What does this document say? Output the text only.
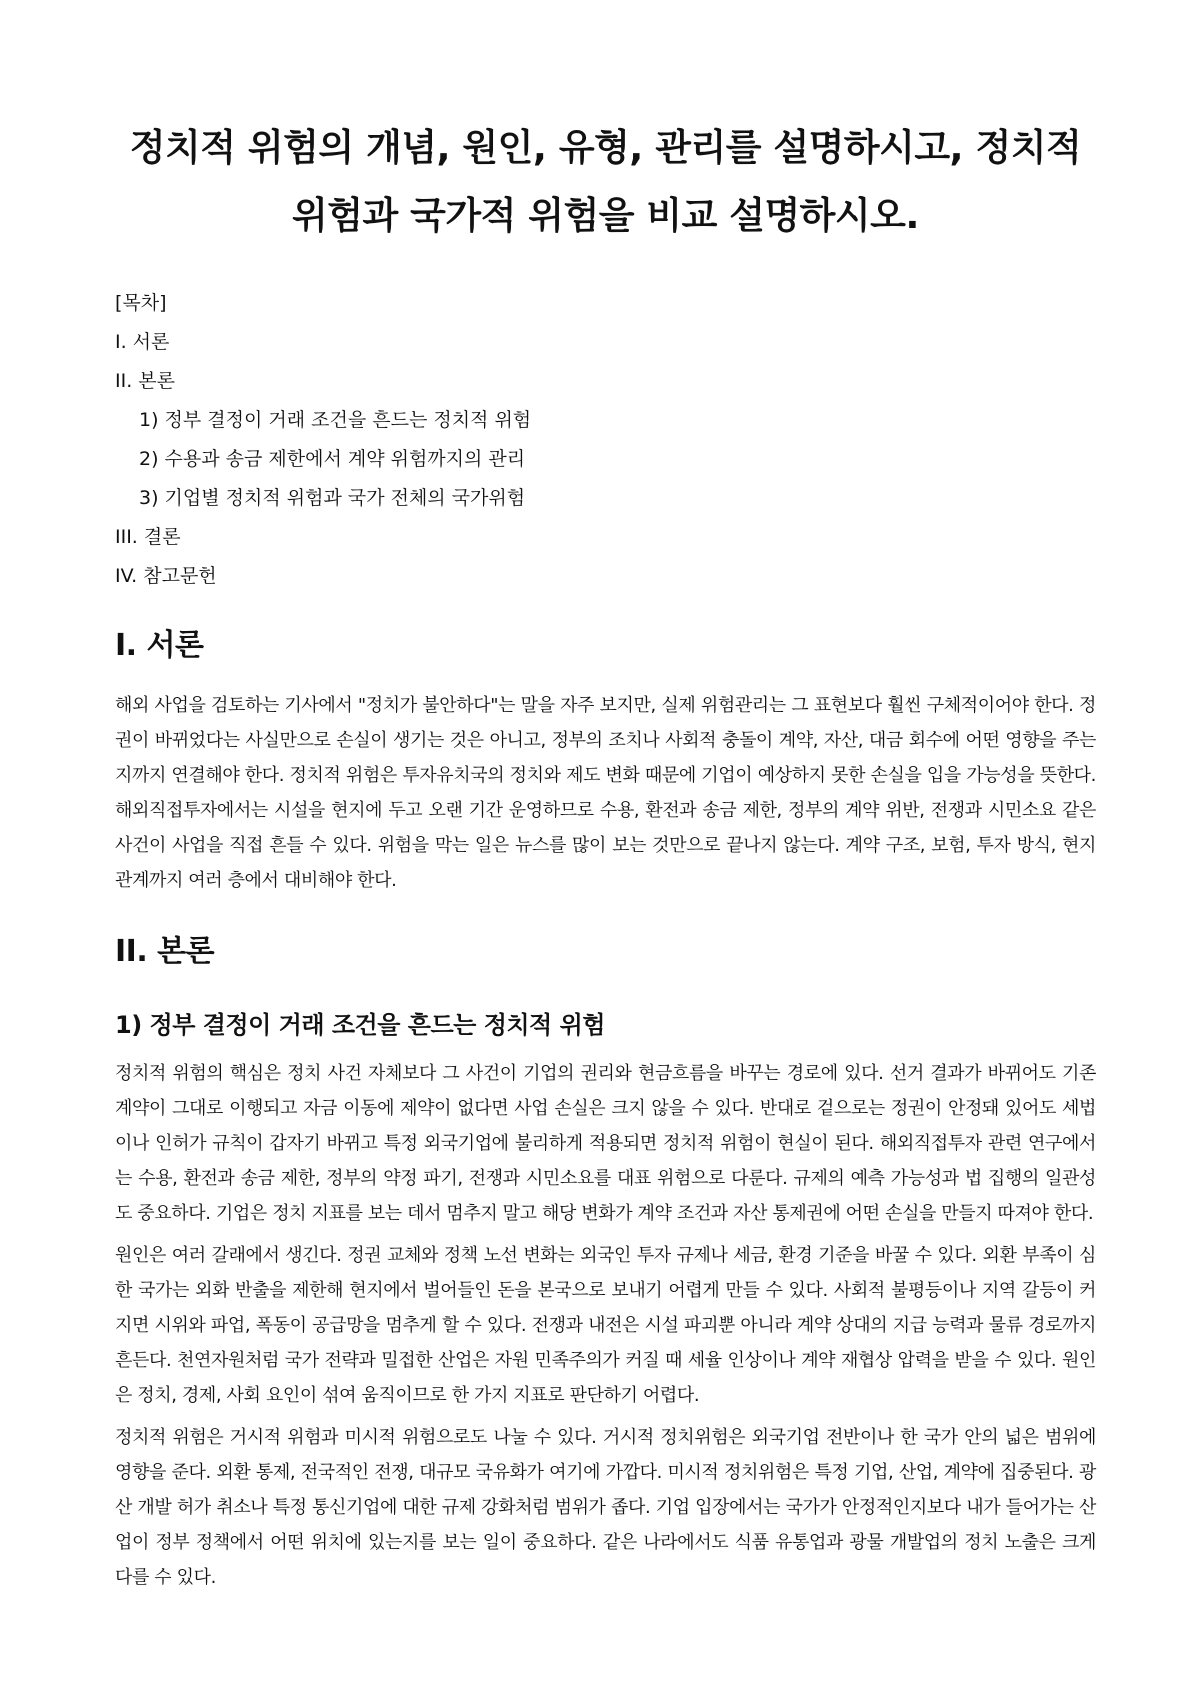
정치적 위험의 개념, 원인, 유형, 관리를 설명하시고, 정치적 위험과 국가적 위험을 비교 설명하시오.
[목차]
I. 서론
II. 본론
1) 정부 결정이 거래 조건을 흔드는 정치적 위험
2) 수용과 송금 제한에서 계약 위험까지의 관리
3) 기업별 정치적 위험과 국가 전체의 국가위험
III. 결론
IV. 참고문헌
I. 서론

해외 사업을 검토하는 기사에서 "정치가 불안하다"는 말을 자주 보지만, 실제 위험관리는 그 표현보다 훨씬 구체적이어야 한다. 정권이 바뀌었다는 사실만으로 손실이 생기는 것은 아니고, 정부의 조치나 사회적 충돌이 계약, 자산, 대금 회수에 어떤 영향을 주는지까지 연결해야 한다. 정치적 위험은 투자유치국의 정치와 제도 변화 때문에 기업이 예상하지 못한 손실을 입을 가능성을 뜻한다. 해외직접투자에서는 시설을 현지에 두고 오랜 기간 운영하므로 수용, 환전과 송금 제한, 정부의 계약 위반, 전쟁과 시민소요 같은 사건이 사업을 직접 흔들 수 있다. 위험을 막는 일은 뉴스를 많이 보는 것만으로 끝나지 않는다. 계약 구조, 보험, 투자 방식, 현지 관계까지 여러 층에서 대비해야 한다.

II. 본론
1) 정부 결정이 거래 조건을 흔드는 정치적 위험

정치적 위험의 핵심은 정치 사건 자체보다 그 사건이 기업의 권리와 현금흐름을 바꾸는 경로에 있다. 선거 결과가 바뀌어도 기존 계약이 그대로 이행되고 자금 이동에 제약이 없다면 사업 손실은 크지 않을 수 있다. 반대로 겉으로는 정권이 안정돼 있어도 세법이나 인허가 규칙이 갑자기 바뀌고 특정 외국기업에 불리하게 적용되면 정치적 위험이 현실이 된다. 해외직접투자 관련 연구에서는 수용, 환전과 송금 제한, 정부의 약정 파기, 전쟁과 시민소요를 대표 위험으로 다룬다. 규제의 예측 가능성과 법 집행의 일관성도 중요하다. 기업은 정치 지표를 보는 데서 멈추지 말고 해당 변화가 계약 조건과 자산 통제권에 어떤 손실을 만들지 따져야 한다.

원인은 여러 갈래에서 생긴다. 정권 교체와 정책 노선 변화는 외국인 투자 규제나 세금, 환경 기준을 바꿀 수 있다. 외환 부족이 심한 국가는 외화 반출을 제한해 현지에서 벌어들인 돈을 본국으로 보내기 어렵게 만들 수 있다. 사회적 불평등이나 지역 갈등이 커지면 시위와 파업, 폭동이 공급망을 멈추게 할 수 있다. 전쟁과 내전은 시설 파괴뿐 아니라 계약 상대의 지급 능력과 물류 경로까지 흔든다. 천연자원처럼 국가 전략과 밀접한 산업은 자원 민족주의가 커질 때 세율 인상이나 계약 재협상 압력을 받을 수 있다. 원인은 정치, 경제, 사회 요인이 섞여 움직이므로 한 가지 지표로 판단하기 어렵다.

정치적 위험은 거시적 위험과 미시적 위험으로도 나눌 수 있다. 거시적 정치위험은 외국기업 전반이나 한 국가 안의 넓은 범위에 영향을 준다. 외환 통제, 전국적인 전쟁, 대규모 국유화가 여기에 가깝다. 미시적 정치위험은 특정 기업, 산업, 계약에 집중된다. 광산 개발 허가 취소나 특정 통신기업에 대한 규제 강화처럼 범위가 좁다. 기업 입장에서는 국가가 안정적인지보다 내가 들어가는 산업이 정부 정책에서 어떤 위치에 있는지를 보는 일이 중요하다. 같은 나라에서도 식품 유통업과 광물 개발업의 정치 노출은 크게 다를 수 있다.
